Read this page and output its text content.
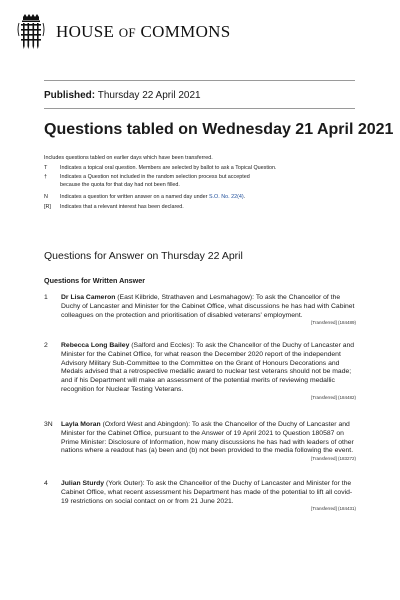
HOUSE OF COMMONS
Published: Thursday 22 April 2021
Questions tabled on Wednesday 21 April 2021
Includes questions tabled on earlier days which have been transferred.
T	Indicates a topical oral question. Members are selected by ballot to ask a Topical Question.
†	Indicates a Question not included in the random selection process but accepted because the quota for that day had not been filled.
N	Indicates a question for written answer on a named day under S.O. No. 22(4).
[R]	Indicates that a relevant interest has been declared.
Questions for Answer on Thursday 22 April
Questions for Written Answer
1 Dr Lisa Cameron (East Kilbride, Strathaven and Lesmahagow): To ask the Chancellor of the Duchy of Lancaster and Minister for the Cabinet Office, what discussions he has had with Cabinet colleagues on the protection and prioritisation of disabled veterans' employment.
[Transferred] (184489)
2 Rebecca Long Bailey (Salford and Eccles): To ask the Chancellor of the Duchy of Lancaster and Minister for the Cabinet Office, for what reason the December 2020 report of the independent Advisory Military Sub-Committee to the Committee on the Grant of Honours Decorations and Medals advised that a retrospective medallic award to nuclear test veterans should not be made; and if his Department will make an assessment of the potential merits of reviewing medallic recognition for Nuclear Testing Veterans.
[Transferred] (184482)
3N Layla Moran (Oxford West and Abingdon): To ask the Chancellor of the Duchy of Lancaster and Minister for the Cabinet Office, pursuant to the Answer of 19 April 2021 to Question 180587 on Prime Minister: Disclosure of Information, how many discussions he has had with leaders of other nations where a readout has (a) been and (b) not been provided to the media following the event.
[Transferred] (183272)
4 Julian Sturdy (York Outer): To ask the Chancellor of the Duchy of Lancaster and Minister for the Cabinet Office, what recent assessment his Department has made of the potential to lift all covid-19 restrictions on social contact on or from 21 June 2021.
[Transferred] (184431)
